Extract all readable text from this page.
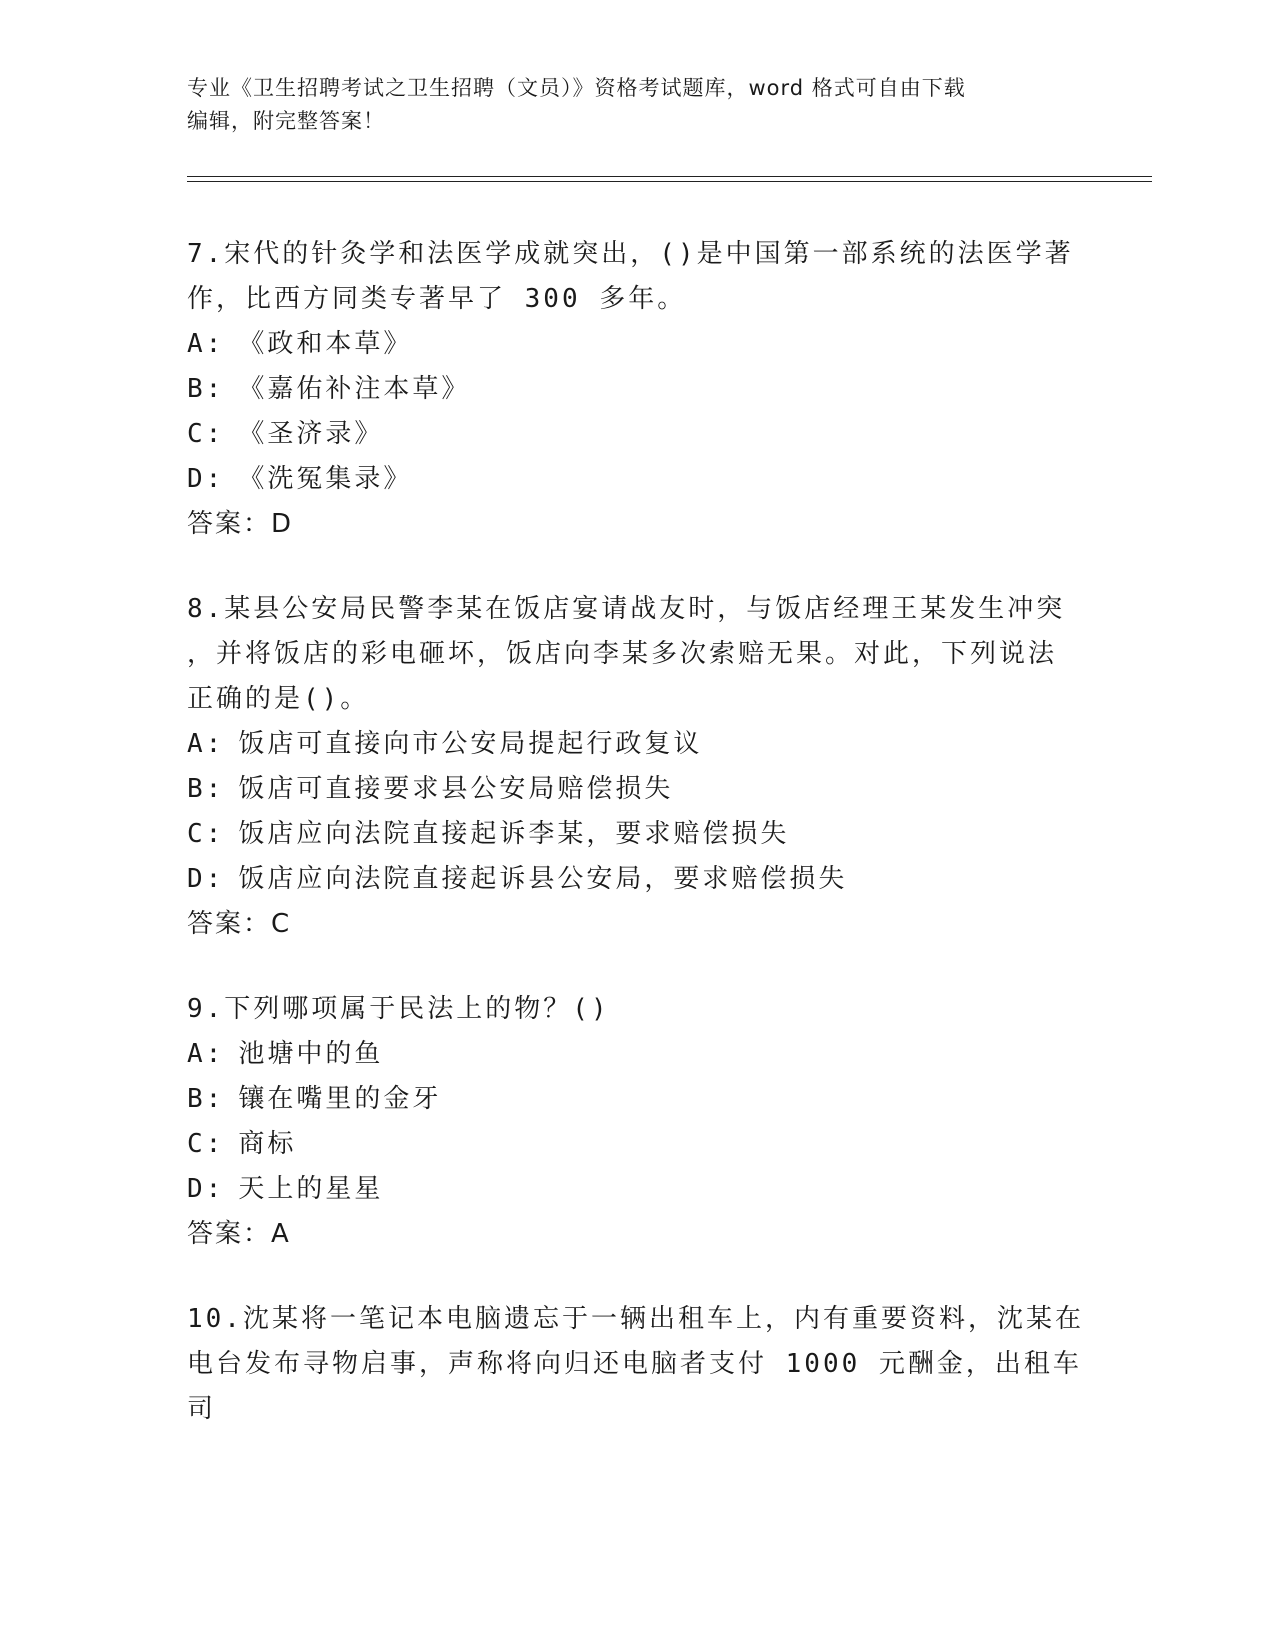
专业《卫生招聘考试之卫生招聘（文员）》资格考试题库，word 格式可自由下载
编辑，附完整答案！

7.宋代的针灸学和法医学成就突出，()是中国第一部系统的法医学著

作，比西方同类专著早了 300 多年。

A: 《政和本草》

B: 《嘉佑补注本草》

C: 《圣济录》

D: 《洗冤集录》

答案：D

8.某县公安局民警李某在饭店宴请战友时，与饭店经理王某发生冲突

，并将饭店的彩电砸坏，饭店向李某多次索赔无果。对此，下列说法

正确的是()。

A: 饭店可直接向市公安局提起行政复议

B: 饭店可直接要求县公安局赔偿损失

C: 饭店应向法院直接起诉李某，要求赔偿损失

D: 饭店应向法院直接起诉县公安局，要求赔偿损失

答案：C

9.下列哪项属于民法上的物？()

A: 池塘中的鱼

B: 镶在嘴里的金牙

C: 商标

D: 天上的星星

答案：A

10.沈某将一笔记本电脑遗忘于一辆出租车上，内有重要资料，沈某在

电台发布寻物启事，声称将向归还电脑者支付 1000 元酬金，出租车司
